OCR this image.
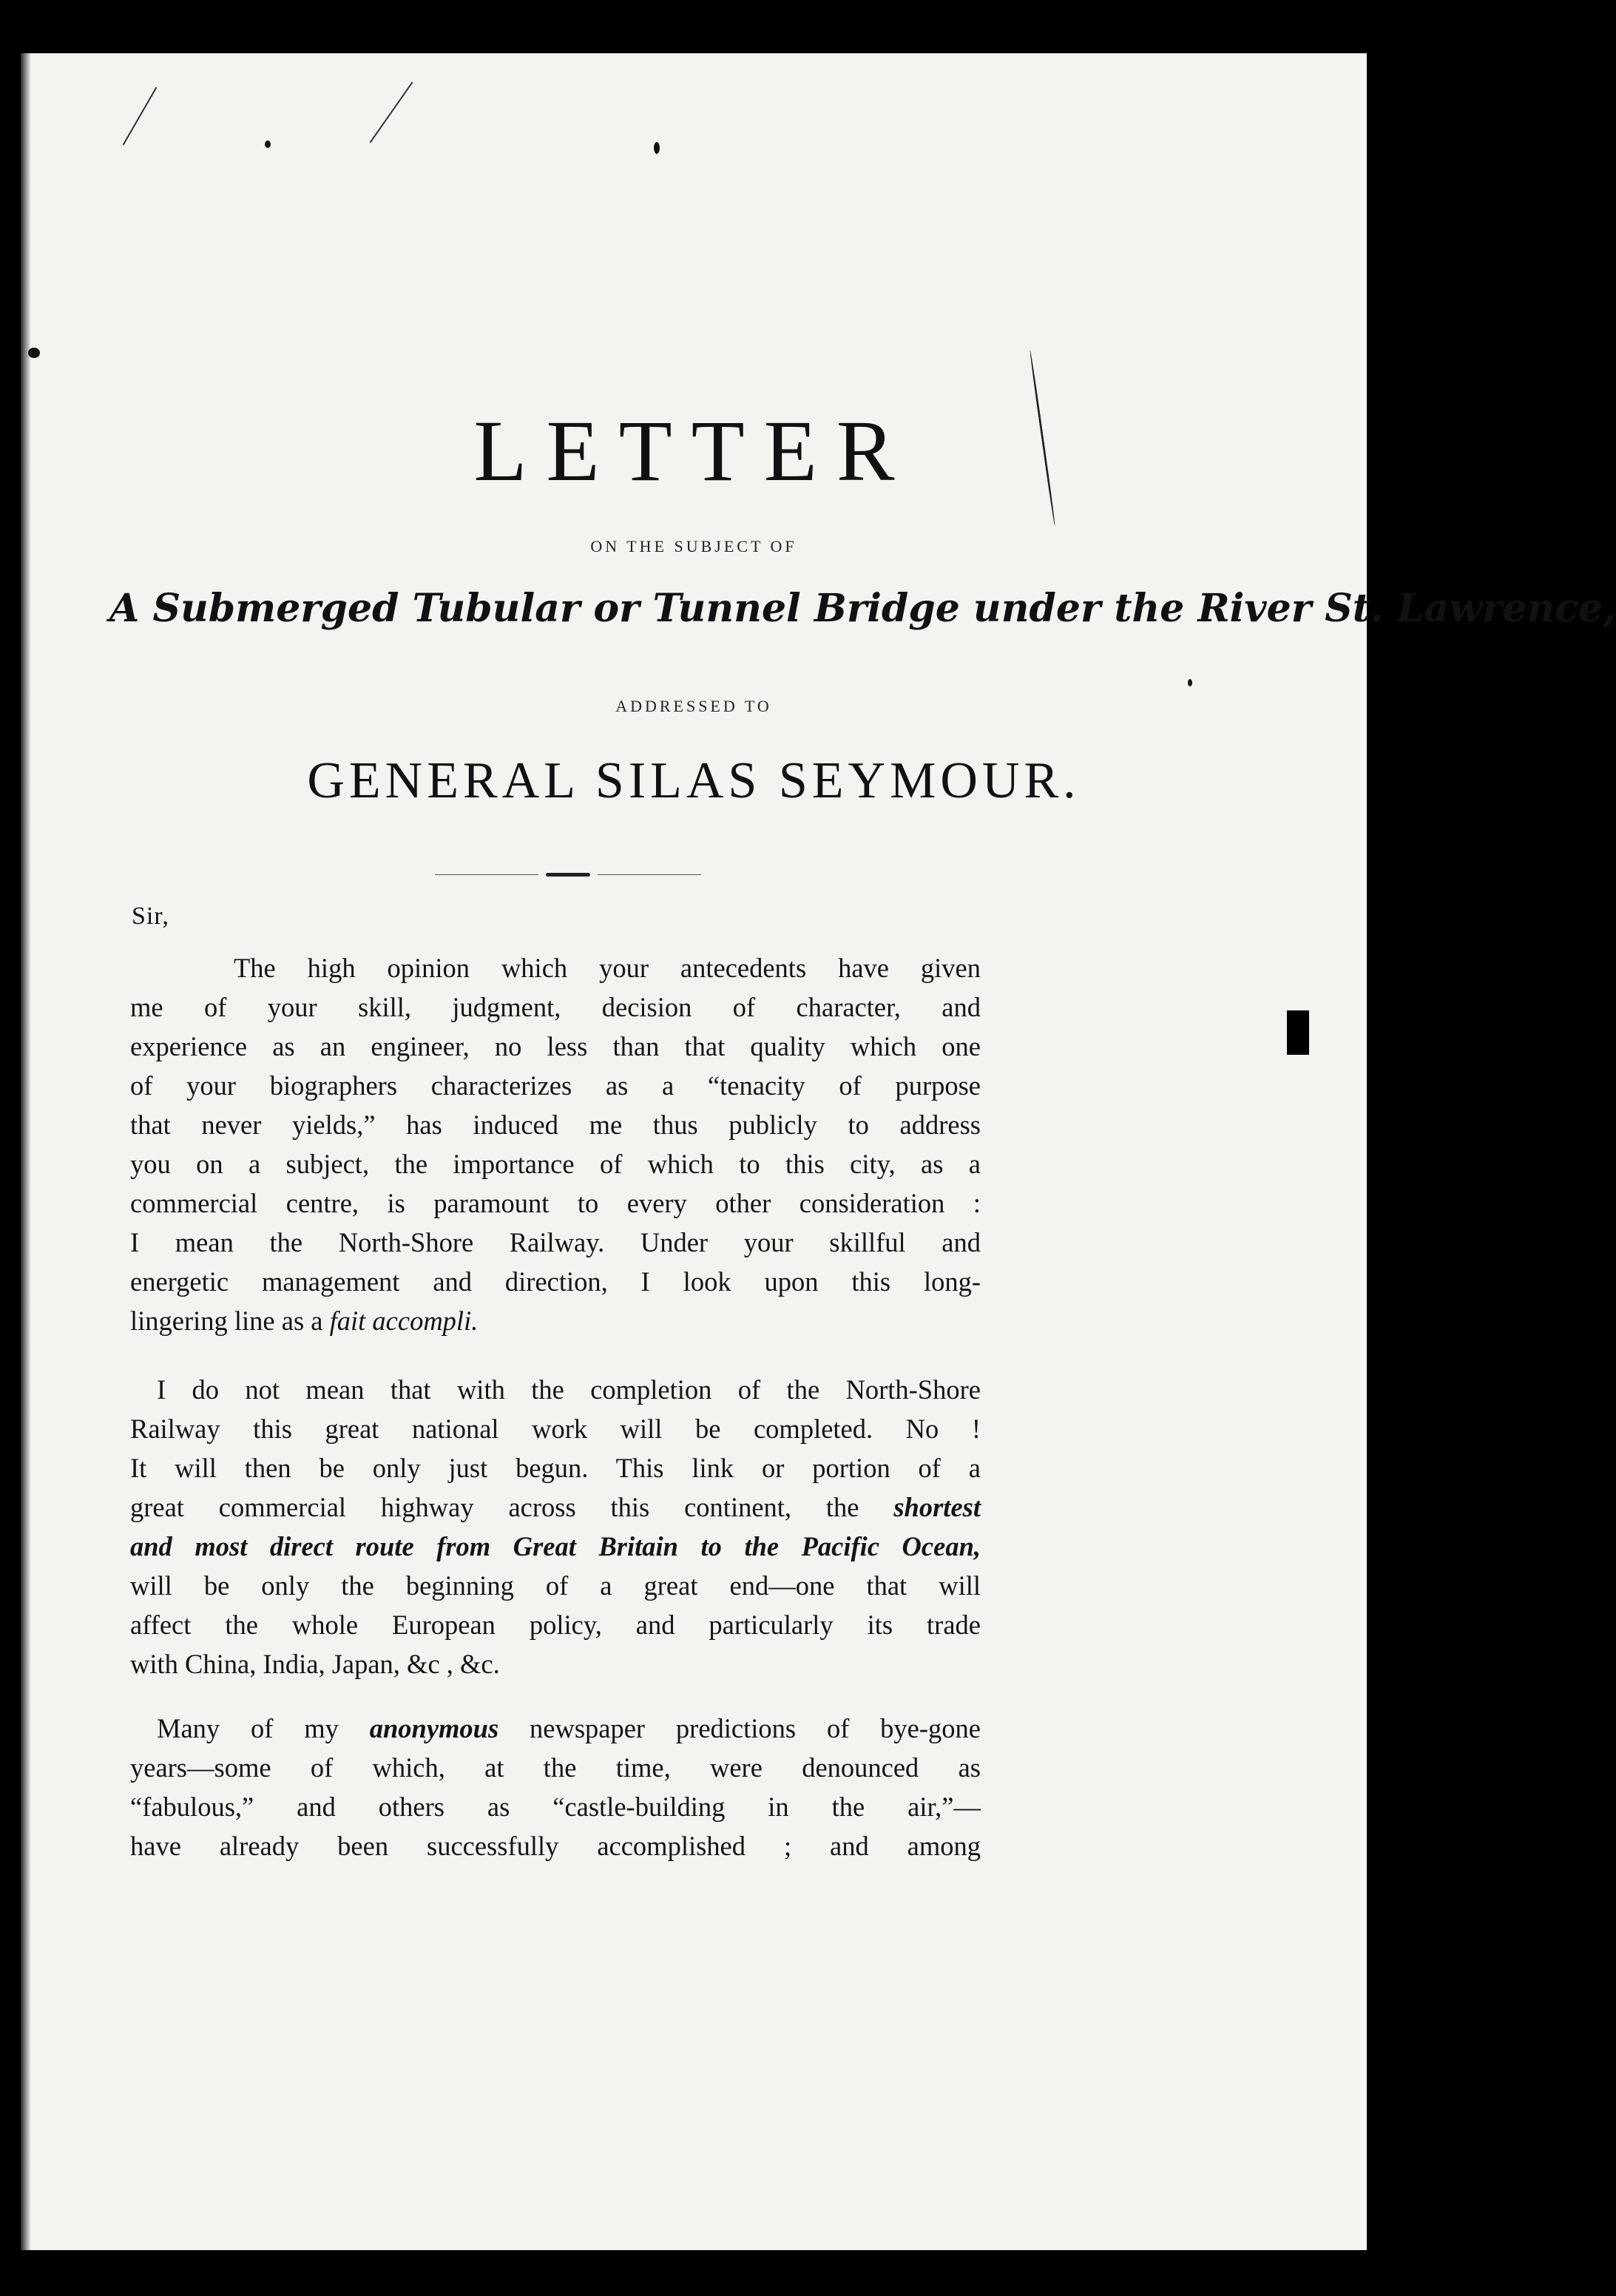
LETTER
ON THE SUBJECT OF
A Submerged Tubular or Tunnel Bridge under the River St. Lawrence,
ADDRESSED TO
GENERAL SILAS SEYMOUR.
Sir,
The high opinion which your antecedents have given
me of your skill, judgment, decision of character, and
experience as an engineer, no less than that quality which one
of your biographers characterizes as a “tenacity of purpose
that never yields,” has induced me thus publicly to address
you on a subject, the importance of which to this city, as a
commercial centre, is paramount to every other consideration :
I mean the North-Shore Railway. Under your skillful and
energetic management and direction, I look upon this long-
lingering line as a fait accompli.
I do not mean that with the completion of the North-Shore
Railway this great national work will be completed. No !
It will then be only just begun. This link or portion of a
great commercial highway across this continent, the shortest
and most direct route from Great Britain to the Pacific Ocean,
will be only the beginning of a great end—one that will
affect the whole European policy, and particularly its trade
with China, India, Japan, &c , &c.
Many of my anonymous newspaper predictions of bye-gone
years—some of which, at the time, were denounced as
“fabulous,” and others as “castle-building in the air,”—
have already been successfully accomplished ; and among
